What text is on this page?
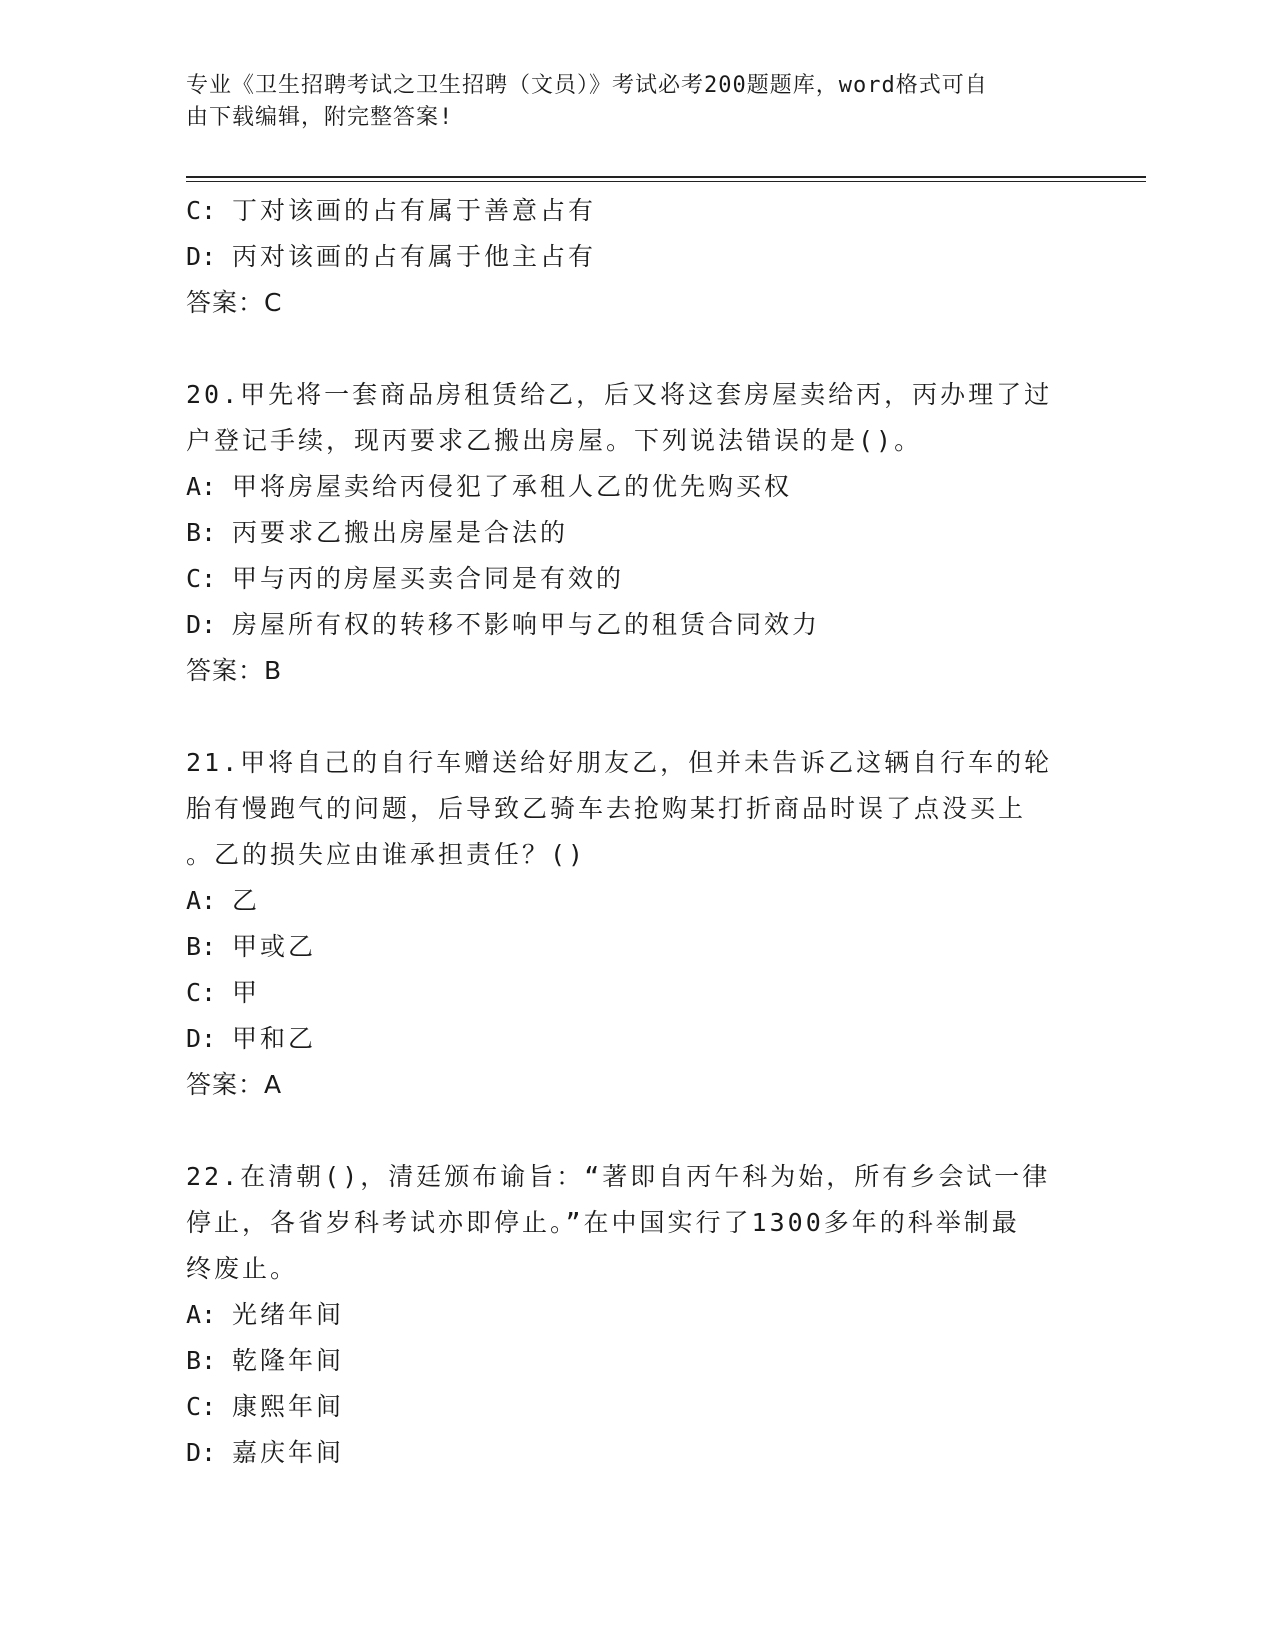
专业《卫生招聘考试之卫生招聘（文员）》考试必考200题题库，word格式可自
由下载编辑，附完整答案!
C: 丁对该画的占有属于善意占有
D: 丙对该画的占有属于他主占有
答案：C
20.甲先将一套商品房租赁给乙，后又将这套房屋卖给丙，丙办理了过
户登记手续，现丙要求乙搬出房屋。下列说法错误的是()。
A: 甲将房屋卖给丙侵犯了承租人乙的优先购买权
B: 丙要求乙搬出房屋是合法的
C: 甲与丙的房屋买卖合同是有效的
D: 房屋所有权的转移不影响甲与乙的租赁合同效力
答案：B
21.甲将自己的自行车赠送给好朋友乙，但并未告诉乙这辆自行车的轮
胎有慢跑气的问题，后导致乙骑车去抢购某打折商品时误了点没买上
。乙的损失应由谁承担责任？()
A: 乙
B: 甲或乙
C: 甲
D: 甲和乙
答案：A
22.在清朝()，清廷颁布谕旨：“著即自丙午科为始，所有乡会试一律
停止，各省岁科考试亦即停止。”在中国实行了1300多年的科举制最
终废止。
A: 光绪年间
B: 乾隆年间
C: 康熙年间
D: 嘉庆年间
